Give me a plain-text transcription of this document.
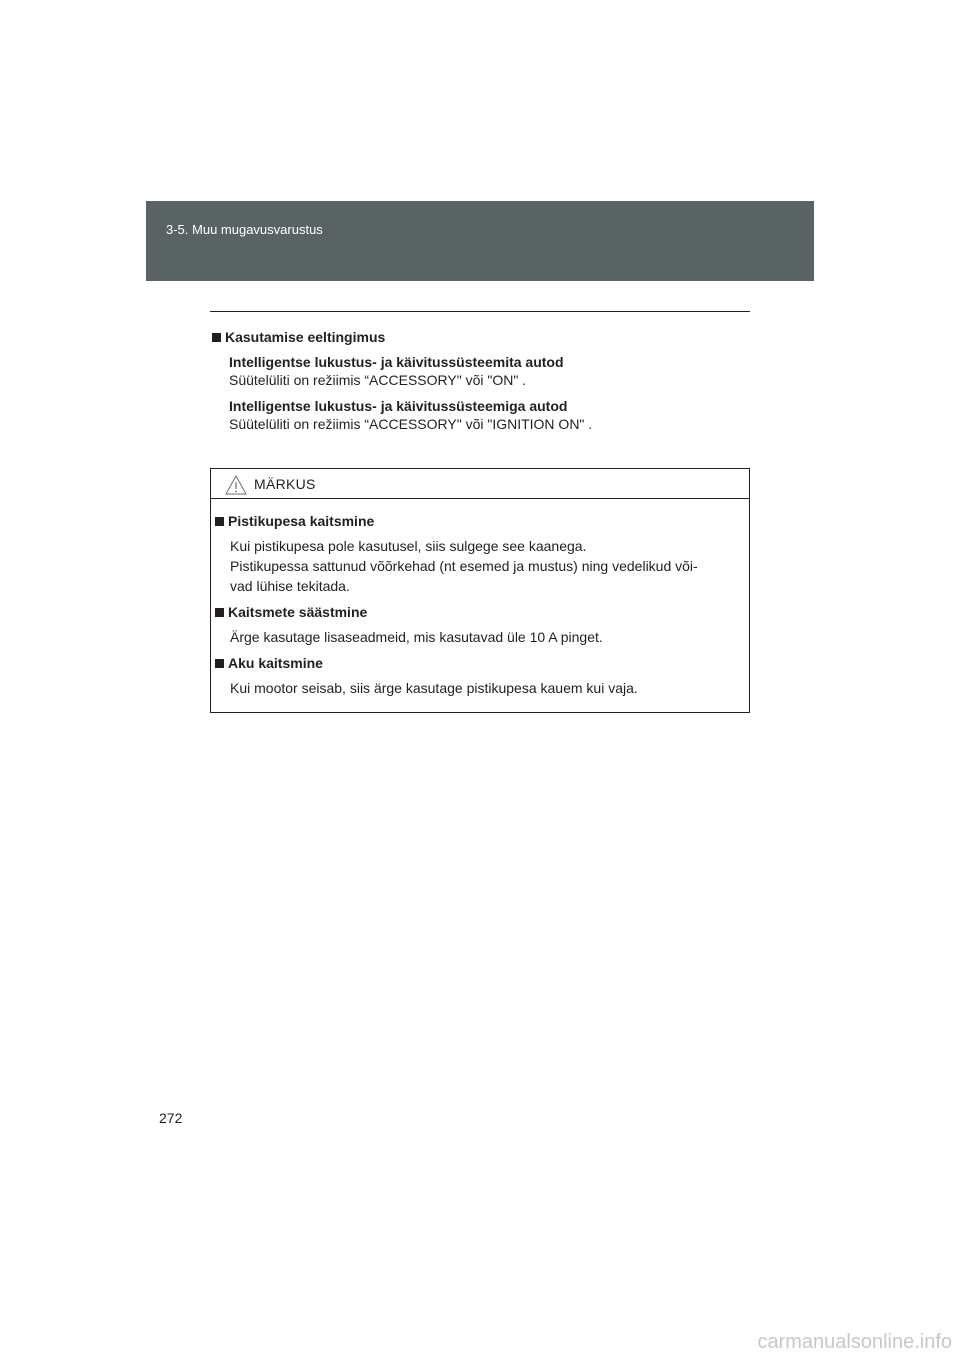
3-5. Muu mugavusvarustus
Kasutamise eeltingimus
Intelligentse lukustus- ja käivitussüsteemita autod
Süütelüliti on režiimis “ACCESSORY" või "ON" .
Intelligentse lukustus- ja käivitussüsteemiga autod
Süütelüliti on režiimis “ACCESSORY" või "IGNITION ON" .
MÄRKUS
Pistikupesa kaitsmine

Kui pistikupesa pole kasutusel, siis sulgege see kaanega.

Pistikupessa sattunud võõrkehad (nt esemed ja mustus) ning vedelikud või-

vad lühise tekitada.

Kaitsmete säästmine

Ärge kasutage lisaseadmeid, mis kasutavad üle 10 A pinget.

Aku kaitsmine

Kui mootor seisab, siis ärge kasutage pistikupesa kauem kui vaja.

272
carmanualsonline.info
